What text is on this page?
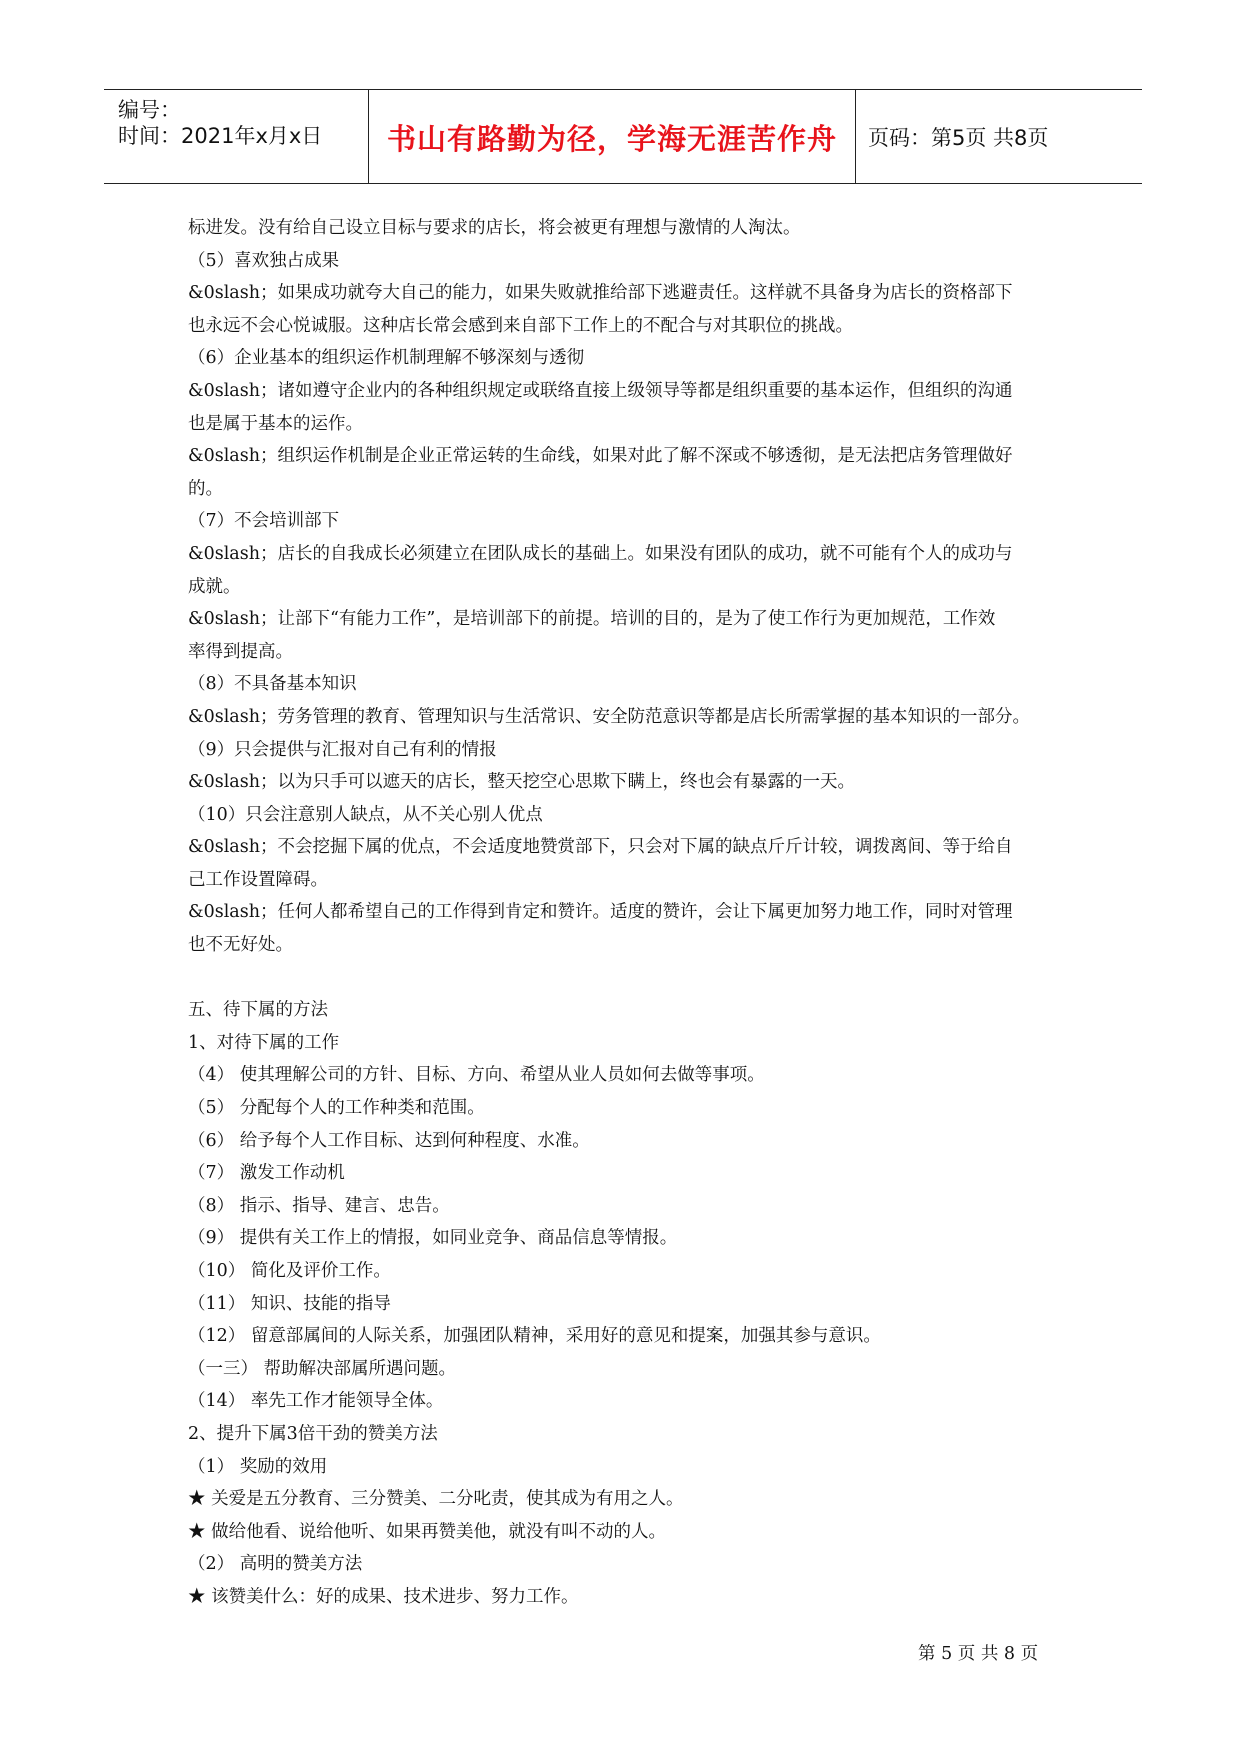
编号：
时间：2021年x月x日	书山有路勤为径，学海无涯苦作舟	页码：第5页 共8页
标进发。没有给自己设立目标与要求的店长，将会被更有理想与激情的人淘汰。
（5）喜欢独占成果
&0slash；如果成功就夸大自己的能力，如果失败就推给部下逃避责任。这样就不具备身为店长的资格部下
也永远不会心悦诚服。这种店长常会感到来自部下工作上的不配合与对其职位的挑战。
（6）企业基本的组织运作机制理解不够深刻与透彻
&0slash；诸如遵守企业内的各种组织规定或联络直接上级领导等都是组织重要的基本运作，但组织的沟通
也是属于基本的运作。
&0slash；组织运作机制是企业正常运转的生命线，如果对此了解不深或不够透彻，是无法把店务管理做好
的。
（7）不会培训部下
&0slash；店长的自我成长必须建立在团队成长的基础上。如果没有团队的成功，就不可能有个人的成功与
成就。
&0slash；让部下“有能力工作”，是培训部下的前提。培训的目的，是为了使工作行为更加规范，工作效
率得到提高。
（8）不具备基本知识
&0slash；劳务管理的教育、管理知识与生活常识、安全防范意识等都是店长所需掌握的基本知识的一部分。
（9）只会提供与汇报对自己有利的情报
&0slash；以为只手可以遮天的店长，整天挖空心思欺下瞒上，终也会有暴露的一天。
（10）只会注意别人缺点，从不关心别人优点
&0slash；不会挖掘下属的优点，不会适度地赞赏部下，只会对下属的缺点斤斤计较，调拨离间、等于给自
己工作设置障碍。
&0slash；任何人都希望自己的工作得到肯定和赞许。适度的赞许，会让下属更加努力地工作，同时对管理
也不无好处。
五、待下属的方法
1、对待下属的工作
（4） 使其理解公司的方针、目标、方向、希望从业人员如何去做等事项。
（5） 分配每个人的工作种类和范围。
（6） 给予每个人工作目标、达到何种程度、水准。
（7） 激发工作动机
（8） 指示、指导、建言、忠告。
（9） 提供有关工作上的情报，如同业竞争、商品信息等情报。
（10） 简化及评价工作。
（11） 知识、技能的指导
（12） 留意部属间的人际关系，加强团队精神，采用好的意见和提案，加强其参与意识。
（一三） 帮助解决部属所遇问题。
（14） 率先工作才能领导全体。
2、提升下属3倍干劲的赞美方法
（1） 奖励的效用
★ 关爱是五分教育、三分赞美、二分叱责，使其成为有用之人。
★ 做给他看、说给他听、如果再赞美他，就没有叫不动的人。
（2） 高明的赞美方法
★ 该赞美什么：好的成果、技术进步、努力工作。
第 5 页 共 8 页
